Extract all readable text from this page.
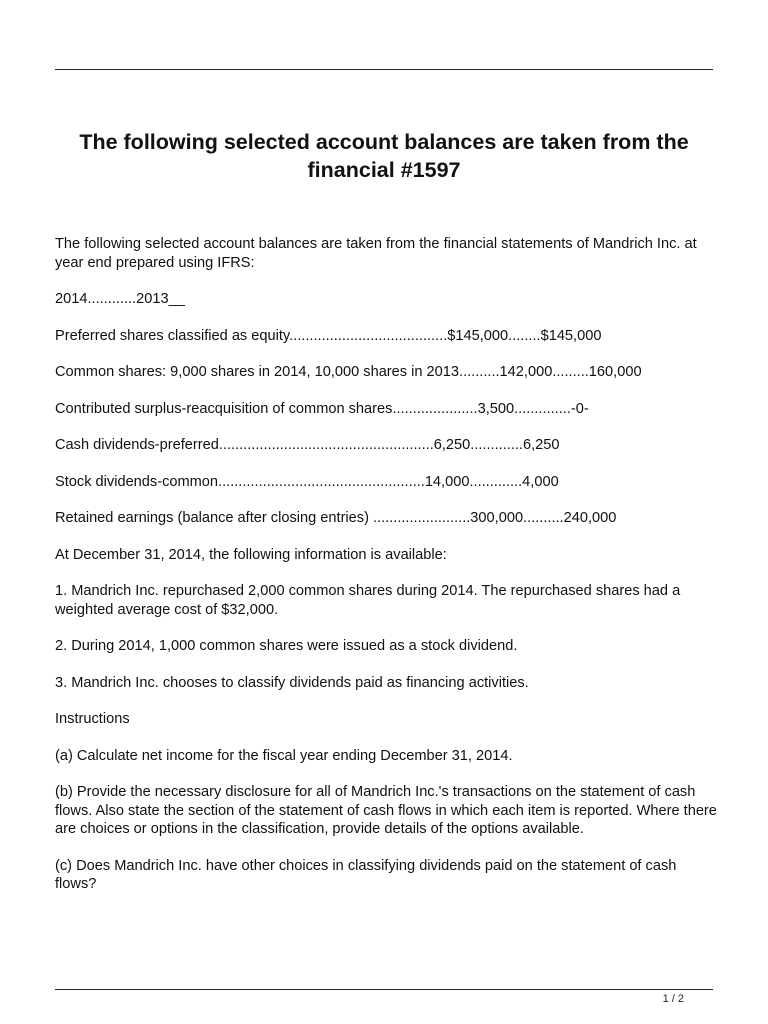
The following selected account balances are taken from the financial #1597

The following selected account balances are taken from the financial statements of Mandrich Inc. at year end prepared using IFRS:

2014............2013__

Preferred shares classified as equity.......................................$145,000........$145,000

Common shares: 9,000 shares in 2014, 10,000 shares in 2013..........142,000.........160,000

Contributed surplus-reacquisition of common shares.....................3,500..............-0-

Cash dividends-preferred.....................................................6,250.............6,250

Stock dividends-common...................................................14,000.............4,000

Retained earnings (balance after closing entries) ........................300,000..........240,000

At December 31, 2014, the following information is available:

1. Mandrich Inc. repurchased 2,000 common shares during 2014. The repurchased shares had a weighted average cost of $32,000.

2. During 2014, 1,000 common shares were issued as a stock dividend.

3. Mandrich Inc. chooses to classify dividends paid as financing activities.

Instructions

(a) Calculate net income for the fiscal year ending December 31, 2014.

(b) Provide the necessary disclosure for all of Mandrich Inc.'s transactions on the statement of cash flows. Also state the section of the statement of cash flows in which each item is reported. Where there are choices or options in the classification, provide details of the options available.

(c) Does Mandrich Inc. have other choices in classifying dividends paid on the statement of cash flows?

1 / 2
